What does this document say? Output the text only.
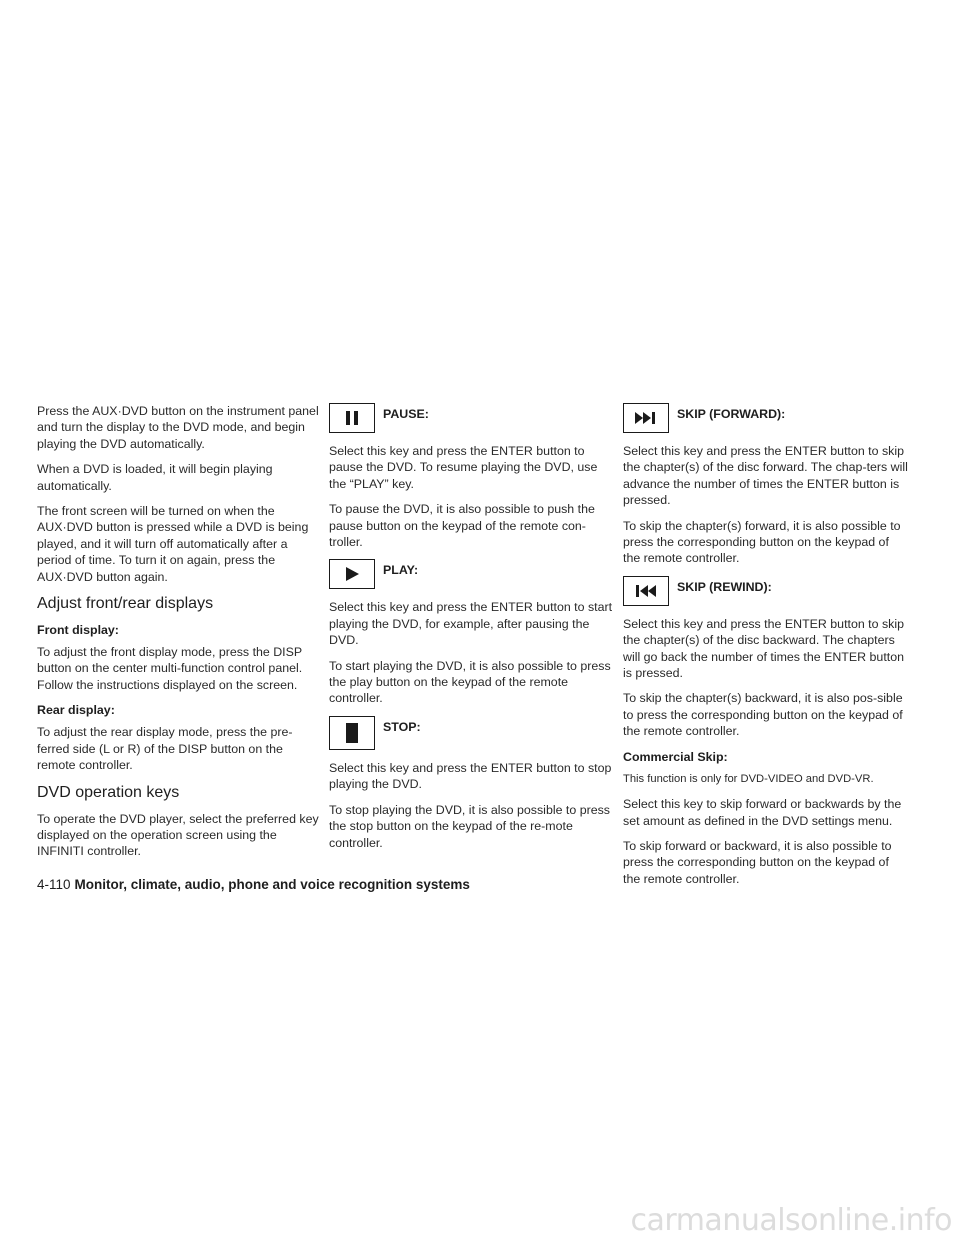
Press the AUX·DVD button on the instrument panel and turn the display to the DVD mode, and begin playing the DVD automatically.

When a DVD is loaded, it will begin playing automatically.

The front screen will be turned on when the AUX·DVD button is pressed while a DVD is being played, and it will turn off automatically after a period of time. To turn it on again, press the AUX·DVD button again.

Adjust front/rear displays
Front display:

To adjust the front display mode, press the DISP button on the center multi-function control panel. Follow the instructions displayed on the screen.

Rear display:

To adjust the rear display mode, press the pre-ferred side (L or R) of the DISP button on the remote controller.

DVD operation keys

To operate the DVD player, select the preferred key displayed on the operation screen using the INFINITI controller.

PAUSE:

Select this key and press the ENTER button to pause the DVD. To resume playing the DVD, use the “PLAY” key.

To pause the DVD, it is also possible to push the pause button on the keypad of the remote con-troller.

PLAY:

Select this key and press the ENTER button to start playing the DVD, for example, after pausing the DVD.

To start playing the DVD, it is also possible to press the play button on the keypad of the remote controller.

STOP:

Select this key and press the ENTER button to stop playing the DVD.

To stop playing the DVD, it is also possible to press the stop button on the keypad of the re-mote controller.

SKIP (FORWARD):

Select this key and press the ENTER button to skip the chapter(s) of the disc forward. The chap-ters will advance the number of times the ENTER button is pressed.

To skip the chapter(s) forward, it is also possible to press the corresponding button on the keypad of the remote controller.

SKIP (REWIND):

Select this key and press the ENTER button to skip the chapter(s) of the disc backward. The chapters will go back the number of times the ENTER button is pressed.

To skip the chapter(s) backward, it is also pos-sible to press the corresponding button on the keypad of the remote controller.

Commercial Skip:

This function is only for DVD-VIDEO and DVD-VR.

Select this key to skip forward or backwards by the set amount as defined in the DVD settings menu.

To skip forward or backward, it is also possible to press the corresponding button on the keypad of the remote controller.

4-110 Monitor, climate, audio, phone and voice recognition systems
carmanualsonline.info
